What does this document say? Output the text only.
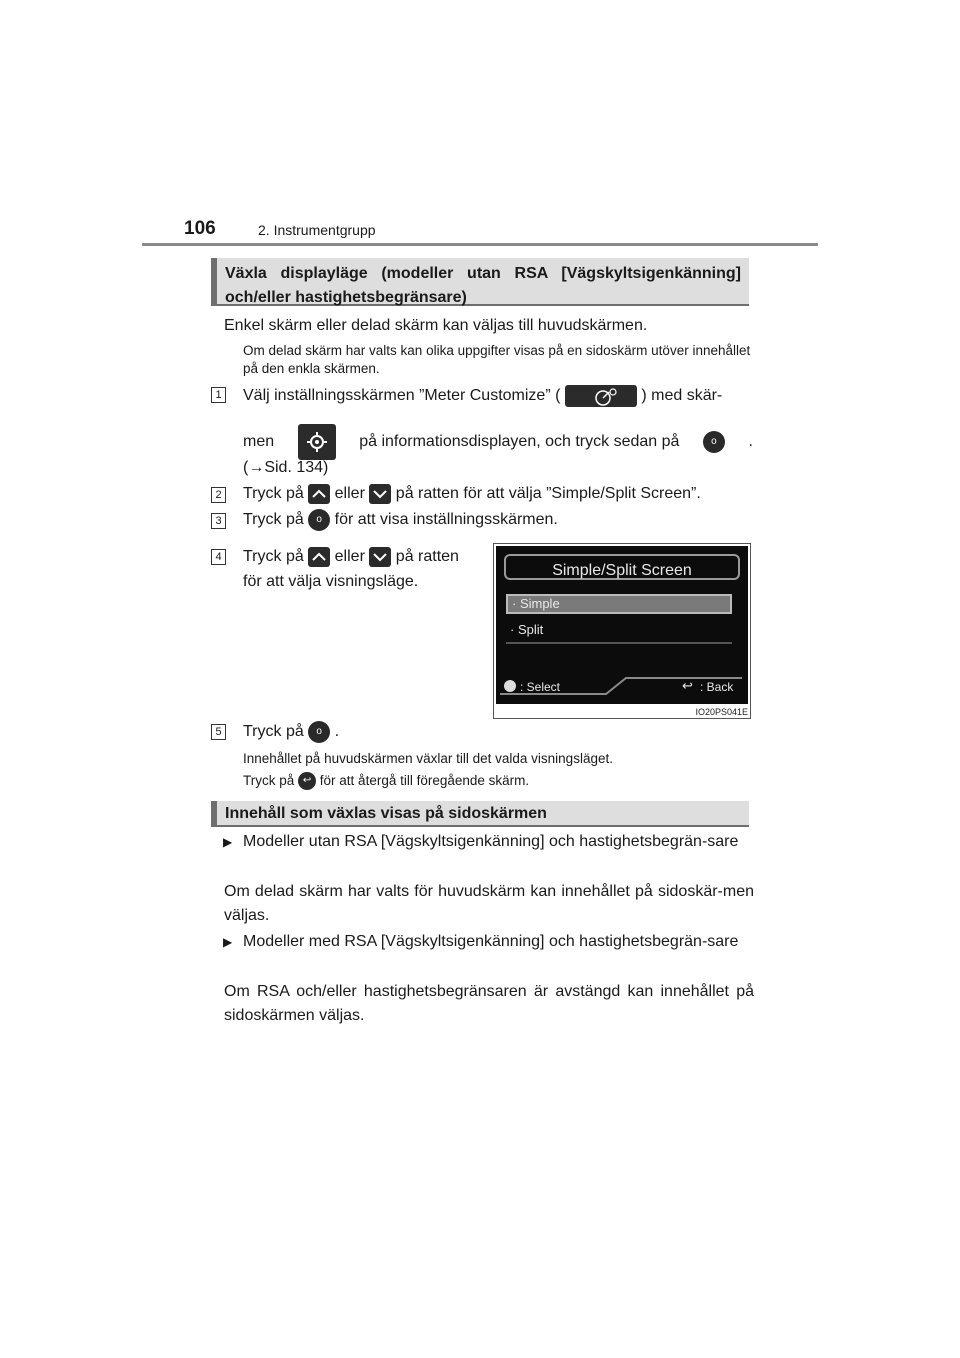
106	2. Instrumentgrupp
Växla displayläge (modeller utan RSA [Vägskyltsigenkänning] och/eller hastighetsbegränsare)
Enkel skärm eller delad skärm kan väljas till huvudskärmen.
Om delad skärm har valts kan olika uppgifter visas på en sidoskärm utöver innehållet på den enkla skärmen.
1 Välj inställningsskärmen ”Meter Customize” (	) med skär-
men	på informationsdisplayen, och tryck sedan på	o	.
(→Sid. 134)
2 Tryck på eller på ratten för att välja ”Simple/Split Screen”.
3 Tryck på o för att visa inställningsskärmen.
4 Tryck på eller på ratten
för att välja visningsläge.
Simple/Split Screen
· Simple
· Split
: Select	↩ : Back
IO20PS041E
5 Tryck på o .
Innehållet på huvudskärmen växlar till det valda visningsläget.
Tryck på ↩ för att återgå till föregående skärm.
Innehåll som växlas visas på sidoskärmen
▶ Modeller utan RSA [Vägskyltsigenkänning] och hastighetsbegrän-sare
Om delad skärm har valts för huvudskärm kan innehållet på sidoskär-men väljas.
▶ Modeller med RSA [Vägskyltsigenkänning] och hastighetsbegrän-sare
Om RSA och/eller hastighetsbegränsaren är avstängd kan innehållet på sidoskärmen väljas.
